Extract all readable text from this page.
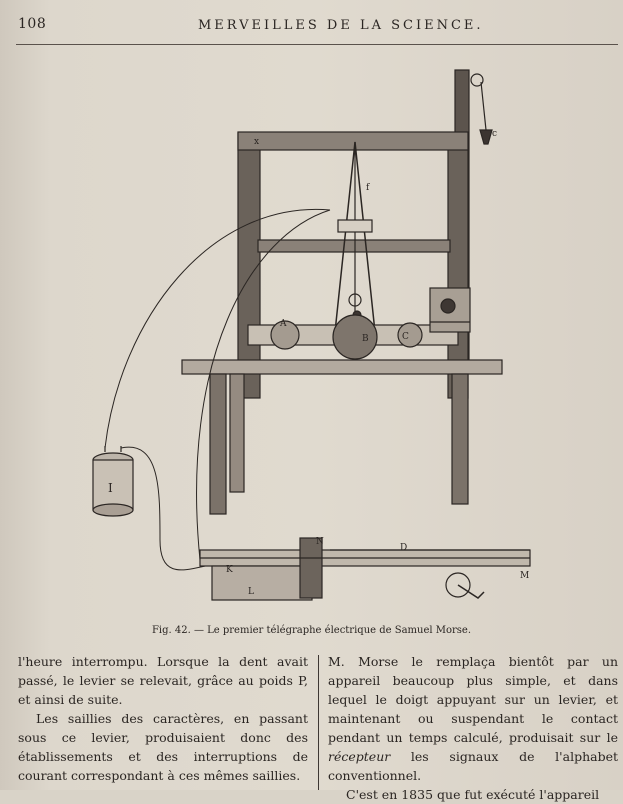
108	MERVEILLES DE LA SCIENCE.
x
f
c
A
B	C
I
N
M
K
L
D
Fig. 42. — Le premier télégraphe électrique de Samuel Morse.

l'heure interrompu. Lorsque la dent avait passé, le levier se relevait, grâce au poids P, et ainsi de suite.

Les saillies des caractères, en passant sous ce levier, produisaient donc des établissements et des interruptions de courant correspondant à ces mêmes saillies.

M. Morse le remplaça bientôt par un appareil beaucoup plus simple, et dans lequel le doigt appuyant sur un levier, et maintenant ou suspendant le contact pendant un temps calculé, produisait sur le récepteur les signaux de l'alphabet conventionnel.

C'est en 1835 que fut exécuté l'appareil
